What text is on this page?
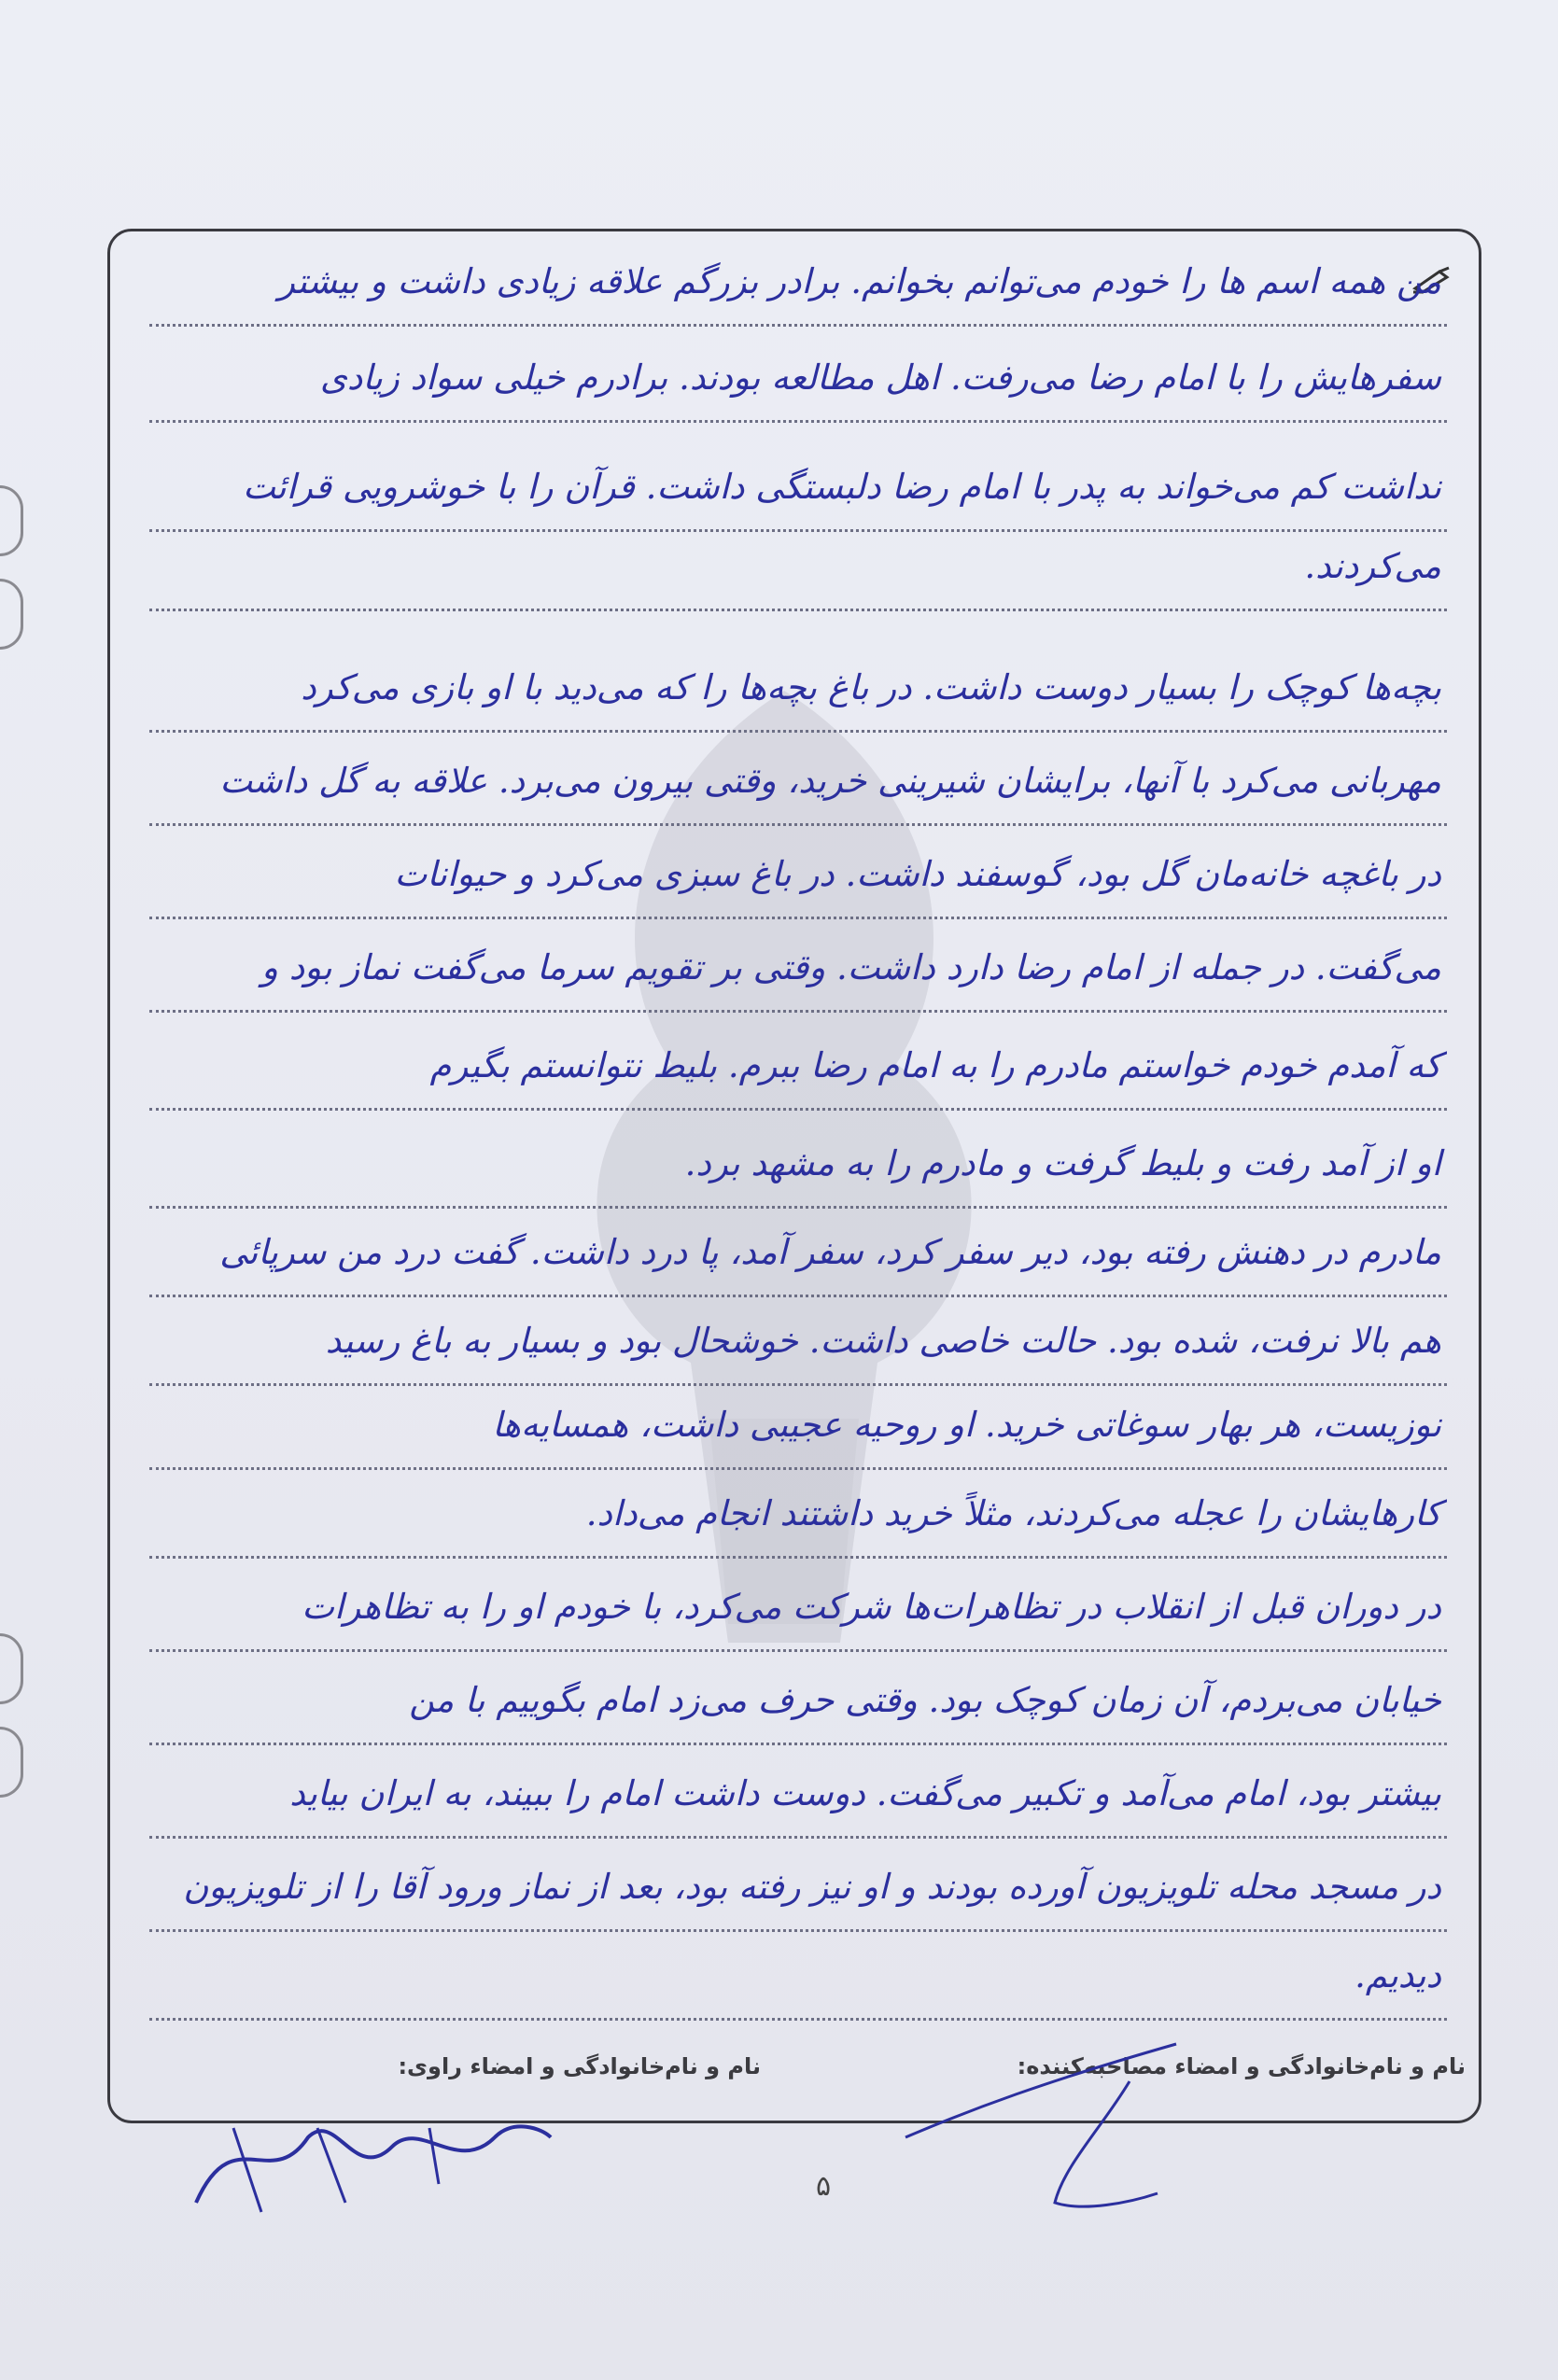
من همه اسم ها را خودم می‌توانم بخوانم. برادر بزرگم علاقه زیادی داشت و بیشتر
سفرهایش را با امام رضا می‌رفت. اهل مطالعه بودند. برادرم خیلی سواد زیادی
نداشت کم می‌خواند به پدر با امام رضا دلبستگی داشت. قرآن را با خوشرویی قرائت
می‌کردند.
بچه‌ها کوچک را بسیار دوست داشت. در باغ بچه‌ها را که می‌دید با او بازی می‌کرد
مهربانی می‌کرد با آنها، برایشان شیرینی خرید، وقتی بیرون می‌برد. علاقه به گل داشت
در باغچه خانه‌مان گل بود، گوسفند داشت. در باغ سبزی می‌کرد و حیوانات
می‌گفت. در جمله از امام رضا دارد داشت. وقتی بر تقویم سرما می‌گفت نماز بود و
که آمدم خودم خواستم مادرم را به امام رضا ببرم. بلیط نتوانستم بگیرم
او از آمد رفت و بلیط گرفت و مادرم را به مشهد برد.
مادرم در دهنش رفته بود، دیر سفر کرد، سفر آمد، پا درد داشت. گفت درد من سرپائی
هم بالا نرفت، شده بود. حالت خاصی داشت. خوشحال بود و بسیار به باغ رسید
نوزیست، هر بهار سوغاتی خرید. او روحیه عجیبی داشت، همسایه‌ها
کارهایشان را عجله می‌کردند، مثلاً خرید داشتند انجام می‌داد.
در دوران قبل از انقلاب در تظاهرات‌ها شرکت می‌کرد، با خودم او را به تظاهرات
خیابان می‌بردم، آن زمان کوچک بود. وقتی حرف می‌زد امام بگوییم با من
بیشتر بود، امام می‌آمد و تکبیر می‌گفت. دوست داشت امام را ببیند، به ایران بیاید
در مسجد محله تلویزیون آورده بودند و او نیز رفته بود، بعد از نماز ورود آقا را از تلویزیون
دیدیم.
نام و نام‌خانوادگی و امضاء مصاحبه‌کننده:
نام و نام‌خانوادگی و امضاء راوی:
۵
